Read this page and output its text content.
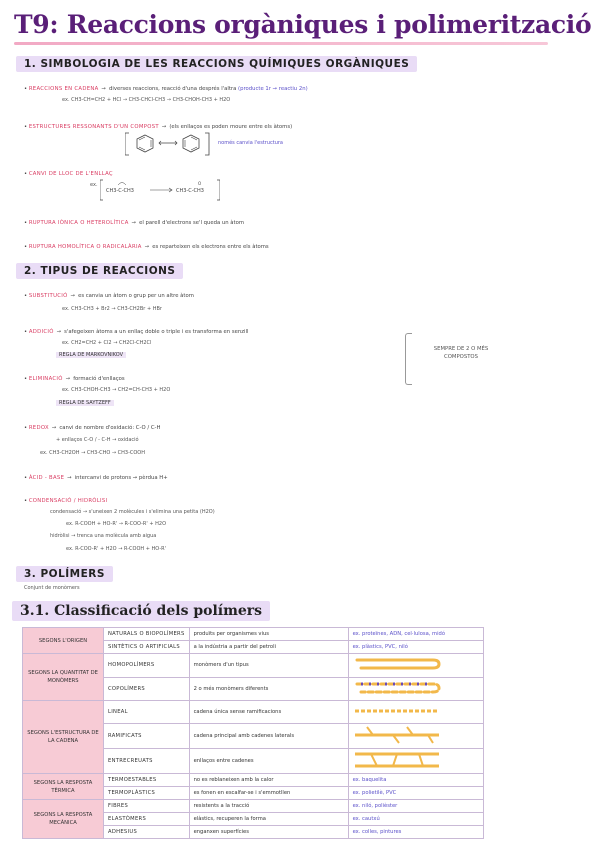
T9: Reaccions orgàniques i polimerització
1. SIMBOLOGIA DE LES REACCIONS QUÍMIQUES ORGÀNIQUES
• REACCIONS EN CADENA → diverses reaccions, reacció d'una després l'altra (producte 1r → reactiu 2n)
ex. CH3-CH=CH2 + HCl → CH3-CHCl-CH3 → CH3-CHOH-CH3 + H2O
• ESTRUCTURES RESSONANTS D'UN COMPOST → (els enllaços es poden moure entre els àtoms)
només canvia l'estructura
• CANVI DE LLOC DE L'ENLLAÇ
ex.
CH3-C-CH3	CH3-C-CH3
O
• RUPTURA IÒNICA O HETEROLÍTICA → el parell d'electrons se'l queda un àtom
• RUPTURA HOMOLÍTICA O RADICALÀRIA → es reparteixen els electrons entre els àtoms
2. TIPUS DE REACCIONS
• SUBSTITUCIÓ → es canvia un àtom o grup per un altre àtom
ex. CH3-CH3 + Br2 → CH3-CH2Br + HBr
• ADDICIÓ → s'afegeixen àtoms a un enllaç doble o triple i es transforma en senzill
ex. CH2=CH2 + Cl2 → CH2Cl-CH2Cl
REGLA DE MARKOVNIKOV
• ELIMINACIÓ → formació d'enllaços
ex. CH3-CHOH-CH3 → CH2=CH-CH3 + H2O
REGLA DE SAYTZEFF
SEMPRE DE 2 O MÉS COMPOSTOS
• REDOX → canvi de nombre d'oxidació: C-O / C-H
+ enllaços C-O / - C-H → oxidació
ex. CH3-CH2OH → CH3-CHO → CH3-COOH
• ÀCID - BASE → intercanvi de protons → pèrdua H+
• CONDENSACIÓ / HIDRÒLISI
condensació → s'uneixen 2 molècules i s'elimina una petita (H2O)
ex. R-COOH + HO-R' → R-COO-R' + H2O
hidròlisi → trenca una molècula amb aigua
ex. R-COO-R' + H2O → R-COOH + HO-R'
3. POLÍMERS
Conjunt de monòmers
3.1. Classificació dels polímers
SEGONS L'ORIGEN	NATURALS O BIOPOLÍMERS	produïts per organismes vius	ex. proteïnes, ADN, cel·lulosa, midó
	SINTÈTICS O ARTIFICIALS	a la indústria a partir del petroli	ex. plàstics, PVC, niló
SEGONS LA QUANTITAT DE MONÒMERS	HOMOPOLÍMERS	monòmers d'un tipus	
	COPOLÍMERS	2 o més monòmers diferents	
SEGONS L'ESTRUCTURA DE LA CADENA	LINEAL	cadena única sense ramificacions	
	RAMIFICATS	cadena principal amb cadenes laterals	
	ENTRECREUATS	enllaços entre cadenes	
SEGONS LA RESPOSTA TÈRMICA	TERMOESTABLES	no es reblaneixen amb la calor	ex. baquelita
	TERMOPLÀSTICS	es fonen en escalfar-se i s'emmotllen	ex. polietilè, PVC
SEGONS LA RESPOSTA MECÀNICA	FIBRES	resistents a la tracció	ex. niló, polièster
	ELASTÒMERS	elàstics, recuperen la forma	ex. cautxú
	ADHESIUS	enganxen superfícies	ex. colles, pintures
